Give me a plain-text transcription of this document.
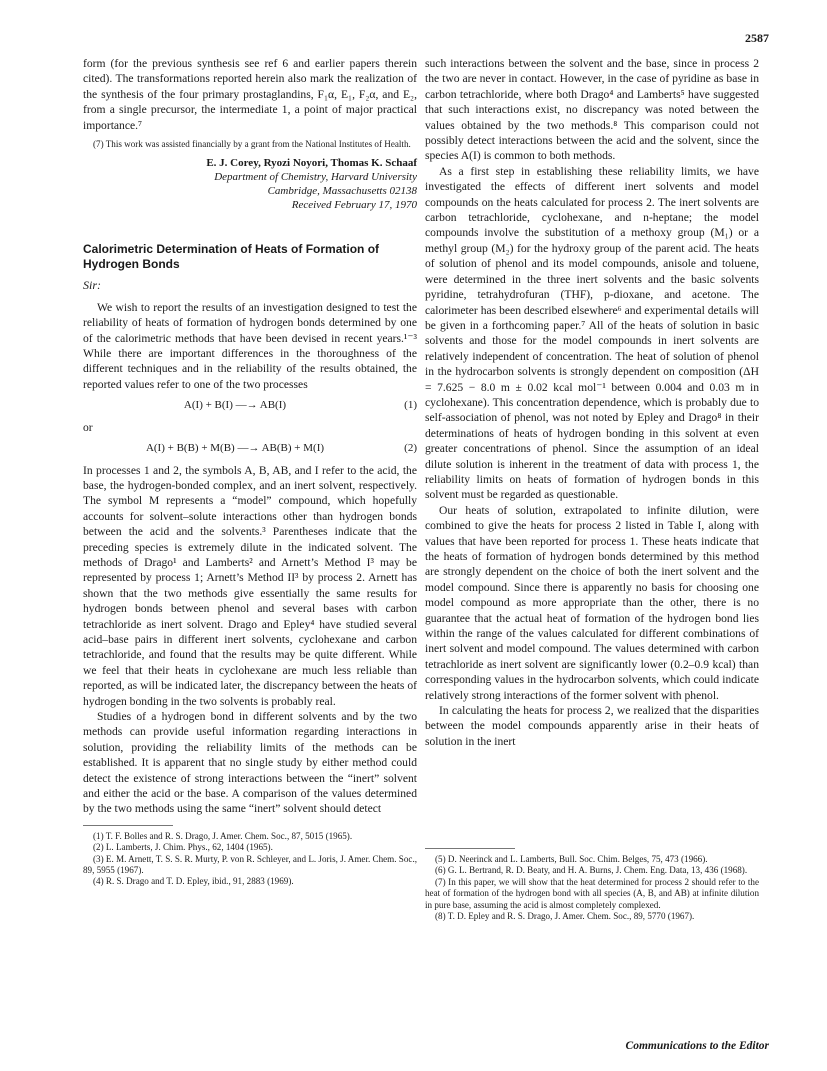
2587

form (for the previous synthesis see ref 6 and earlier papers therein cited). The transformations reported herein also mark the realization of the synthesis of the four primary prostaglandins, F₁α, E₁, F₂α, and E₂, from a single precursor, the intermediate 1, a point of major practical importance.⁷

(7) This work was assisted financially by a grant from the National Institutes of Health.

E. J. Corey, Ryozi Noyori, Thomas K. Schaaf
Department of Chemistry, Harvard University
Cambridge, Massachusetts 02138
Received February 17, 1970
Calorimetric Determination of Heats of Formation of Hydrogen Bonds
Sir:

We wish to report the results of an investigation designed to test the reliability of heats of formation of hydrogen bonds determined by one of the calorimetric methods that have been devised in recent years.¹⁻³ While there are important differences in the thoroughness of the different techniques and in the reliability of the results obtained, the reported values refer to one of the two processes

A(I) + B(I) —→ AB(I)	(1)
or
A(I) + B(B) + M(B) —→ AB(B) + M(I)	(2)

In processes 1 and 2, the symbols A, B, AB, and I refer to the acid, the base, the hydrogen-bonded complex, and an inert solvent, respectively. The symbol M represents a “model” compound, which hopefully accounts for solvent–solute interactions other than hydrogen bonds between the acid and the solvents.³ Parentheses indicate that the preceding species is extremely dilute in the indicated solvent. The methods of Drago¹ and Lamberts² and Arnett’s Method I³ may be represented by process 1; Arnett’s Method II³ by process 2. Arnett has shown that the two methods give essentially the same results for hydrogen bonds between phenol and several bases with carbon tetrachloride as inert solvent. Drago and Epley⁴ have studied several acid–base pairs in different inert solvents, cyclohexane and carbon tetrachloride, and found that the results may be quite different. While we feel that their heats in cyclohexane are much less reliable than reported, as will be indicated later, the discrepancy between the heats of hydrogen bonding in the two solvents is probably real.

Studies of a hydrogen bond in different solvents and by the two methods can provide useful information regarding interactions in solution, providing the reliability limits of the methods can be established. It is apparent that no single study by either method could detect the existence of strong interactions between the “inert” solvent and either the acid or the base. A comparison of the values determined by the two methods using the same “inert” solvent should detect

(1) T. F. Bolles and R. S. Drago, J. Amer. Chem. Soc., 87, 5015 (1965).

(2) L. Lamberts, J. Chim. Phys., 62, 1404 (1965).

(3) E. M. Arnett, T. S. S. R. Murty, P. von R. Schleyer, and L. Joris, J. Amer. Chem. Soc., 89, 5955 (1967).

(4) R. S. Drago and T. D. Epley, ibid., 91, 2883 (1969).

such interactions between the solvent and the base, since in process 2 the two are never in contact. However, in the case of pyridine as base in carbon tetrachloride, where both Drago⁴ and Lamberts⁵ have suggested that such interactions exist, no discrepancy was noted between the values obtained by the two methods.⁸ This comparison could not possibly detect interactions between the acid and the solvent, since the species A(I) is common to both methods.

As a first step in establishing these reliability limits, we have investigated the effects of different inert solvents and model compounds on the heats calculated for process 2. The inert solvents are carbon tetrachloride, cyclohexane, and n-heptane; the model compounds involve the substitution of a methoxy group (M₁) or a methyl group (M₂) for the hydroxy group of the parent acid. The heats of solution of phenol and its model compounds, anisole and toluene, were determined in the three inert solvents and the basic solvents pyridine, tetrahydrofuran (THF), p-dioxane, and acetone. The calorimeter has been described elsewhere⁶ and experimental details will be given in a forthcoming paper.⁷ All of the heats of solution in basic solvents and those for the model compounds in inert solvents are relatively independent of concentration. The heat of solution of phenol in the hydrocarbon solvents is strongly dependent on composition (ΔH = 7.625 − 8.0 m ± 0.02 kcal mol⁻¹ between 0.004 and 0.03 m in cyclohexane). This concentration dependence, which is probably due to self-association of phenol, was not noted by Epley and Drago⁸ in their determinations of heats of hydrogen bonding in this solvent at even greater concentrations of phenol. Since the assumption of an ideal dilute solution is inherent in the treatment of data with process 1, the reliability limits on heats of formation of hydrogen bonds in this solvent must be regarded as questionable.

Our heats of solution, extrapolated to infinite dilution, were combined to give the heats for process 2 listed in Table I, along with values that have been reported for process 1. These heats indicate that the heats of formation of hydrogen bonds determined by this method are strongly dependent on the choice of both the inert solvent and the model compound. Since there is apparently no basis for choosing one model compound as more appropriate than the other, there is no guarantee that the actual heat of formation of the hydrogen bond lies within the range of the values calculated for different combinations of inert solvent and model compound. The values determined with carbon tetrachloride as inert solvent are significantly lower (0.2–0.9 kcal) than corresponding values in the hydrocarbon solvents, which could indicate relatively strong interactions of the former solvent with phenol.

In calculating the heats for process 2, we realized that the disparities between the model compounds apparently arise in their heats of solution in the inert

(5) D. Neerinck and L. Lamberts, Bull. Soc. Chim. Belges, 75, 473 (1966).

(6) G. L. Bertrand, R. D. Beaty, and H. A. Burns, J. Chem. Eng. Data, 13, 436 (1968).

(7) In this paper, we will show that the heat determined for process 2 should refer to the heat of formation of the hydrogen bond with all species (A, B, and AB) at infinite dilution in pure base, assuming the acid is almost completely complexed.

(8) T. D. Epley and R. S. Drago, J. Amer. Chem. Soc., 89, 5770 (1967).

Communications to the Editor
